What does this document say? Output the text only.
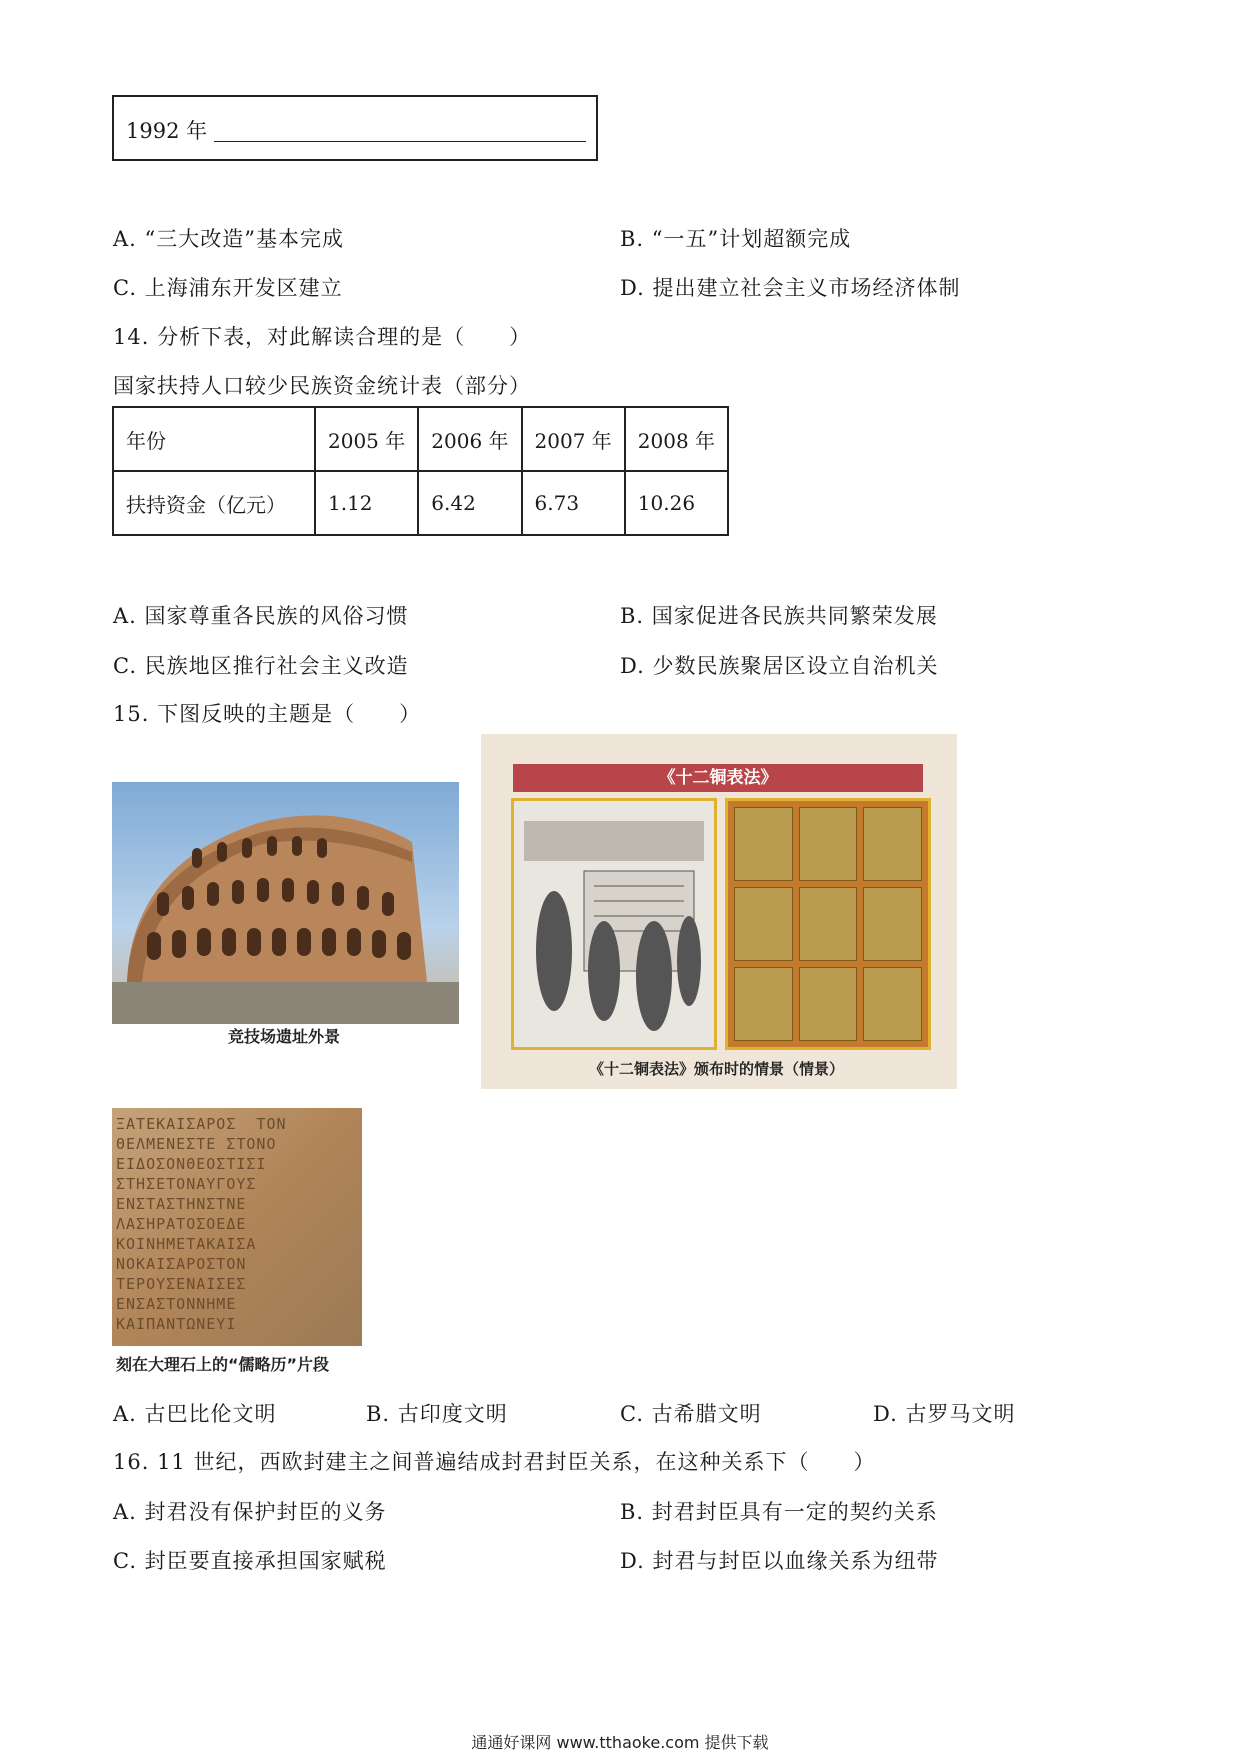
1992 年
A. “三大改造”基本完成	B. “一五”计划超额完成
C. 上海浦东开发区建立	D. 提出建立社会主义市场经济体制
14. 分析下表，对此解读合理的是（　　）
国家扶持人口较少民族资金统计表（部分）
年份	2005 年	2006 年	2007 年	2008 年
扶持资金（亿元）	1.12	6.42	6.73	10.26
A. 国家尊重各民族的风俗习惯	B. 国家促进各民族共同繁荣发展
C. 民族地区推行社会主义改造	D. 少数民族聚居区设立自治机关
15. 下图反映的主题是（　　）
竞技场遗址外景
《十二铜表法》
《十二铜表法》颁布时的情景（情景）
ΞΑΤΕΚΑΙΣΑΡΟΣ  ΤΟΝ
ΘΕΛΜΕΝΕΣΤΕ ΣΤΟΝΟ
ΕΙΔΟΣΟΝΘΕΟΣΤΙΣΙ
ΣΤΗΣΕΤΟΝΑΥΓΟΥΣ
ΕΝΣΤΑΣΤΗΝΣΤΝΕ
ΛΑΣΗΡΑΤΟΣΟΕΔΕ
ΚΟΙΝΗΜΕΤΑΚΑΙΣΑ
ΝΟΚΑΙΣΑΡΟΣΤΟΝ
ΤΕΡΟΥΣΕΝΑΙΣΕΣ
ΕΝΣΑΣΤΟΝΝΗΜΕ
ΚΑΙΠΑΝΤΩΝΕΥΙ
刻在大理石上的“儒略历”片段
A. 古巴比伦文明	B. 古印度文明	C. 古希腊文明	D. 古罗马文明
16. 11 世纪，西欧封建主之间普遍结成封君封臣关系，在这种关系下（　　）
A. 封君没有保护封臣的义务	B. 封君封臣具有一定的契约关系
C. 封臣要直接承担国家赋税	D. 封君与封臣以血缘关系为纽带
通通好课网 www.tthaoke.com 提供下载
